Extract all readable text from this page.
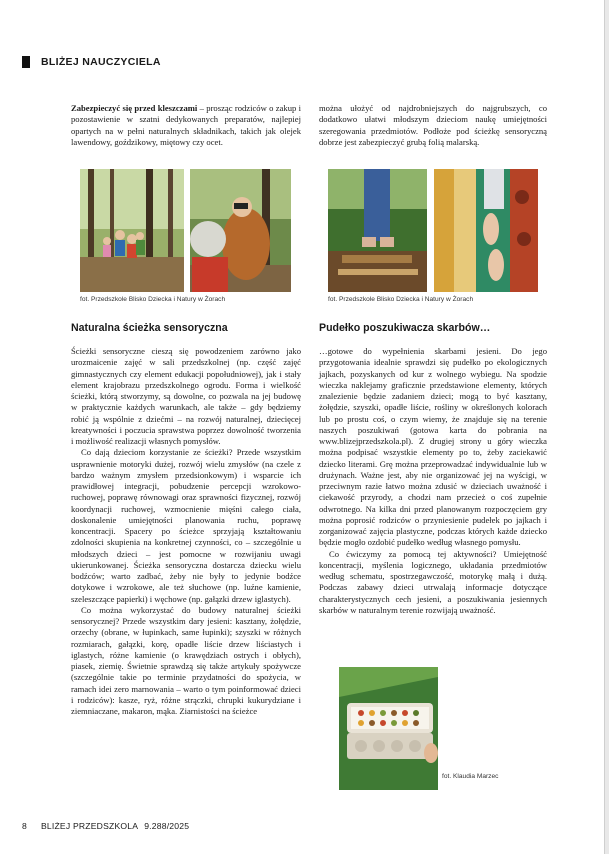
BLIŻEJ NAUCZYCIELA

Zabezpieczyć się przed kleszczami – prosząc rodziców o zakup i pozostawienie w szatni dedykowanych preparatów, najlepiej opartych na w pełni naturalnych składnikach, takich jak olejek lawendowy, goździkowy, miętowy czy ocet.

można ułożyć od najdrobniejszych do najgrubszych, co dodatkowo ułatwi młodszym dzieciom naukę umiejętności szeregowania przedmiotów. Podłoże pod ścieżkę sensoryczną dobrze jest zabezpieczyć grubą folią malarską.

fot. Przedszkole Blisko Dziecka i Natury w Żorach	fot. Przedszkole Blisko Dziecka i Natury w Żorach
Naturalna ścieżka sensoryczna	Pudełko poszukiwacza skarbów…

Ścieżki sensoryczne cieszą się powodzeniem zarówno jako urozmaicenie zajęć w sali przedszkolnej (np. część zajęć gimnastycznych czy element edukacji popołudniowej), jak i stały element krajobrazu przedszkolnego ogrodu. Forma i wielkość ścieżki, którą stworzymy, są dowolne, co pozwala na jej budowę w praktycznie każdych warunkach, ale także – gdy będziemy robić ją wspólnie z dziećmi – na rozwój naturalnej, dziecięcej kreatywności i poczucia sprawstwa poprzez dowolność tworzenia i możliwość realizacji własnych pomysłów.

Co dają dzieciom korzystanie ze ścieżki? Przede wszystkim usprawnienie motoryki dużej, rozwój wielu zmysłów (na czele z bardzo ważnym zmysłem przedsionkowym) i wsparcie ich prawidłowej integracji, pobudzenie percepcji wzrokowo-ruchowej, poprawę równowagi oraz sprawności fizycznej, rozwój koordynacji ruchowej, wzmocnienie mięśni całego ciała, doskonalenie umiejętności planowania ruchu, poprawę koncentracji. Spacery po ścieżce sprzyjają kształtowaniu zdolności skupienia na konkretnej czynności, co – szczególnie u młodszych dzieci – jest pomocne w rozwijaniu uwagi ukierunkowanej. Ścieżka sensoryczna dostarcza dziecku wielu bodźców; warto zadbać, żeby nie były to jedynie bodźce dotykowe i wzrokowe, ale też słuchowe (np. luźne kamienie, szeleszczące papierki) i węchowe (np. gałązki drzew iglastych).

Co można wykorzystać do budowy naturalnej ścieżki sensorycznej? Przede wszystkim dary jesieni: kasztany, żołędzie, orzechy (obrane, w łupinkach, same łupinki); szyszki w różnych rozmiarach, gałązki, korę, opadłe liście drzew liściastych i iglastych, różne kamienie (o krawędziach ostrych i obłych), piasek, ziemię. Świetnie sprawdzą się także artykuły spożywcze (szczególnie takie po terminie przydatności do spożycia, w ramach idei zero marnowania – warto o tym poinformować dzieci i rodziców): kasze, ryż, różne strączki, chrupki kukurydziane i ziemniaczane, makaron, mąka. Ziarnistości na ścieżce

…gotowe do wypełnienia skarbami jesieni. Do jego przygotowania idealnie sprawdzi się pudełko po ekologicznych jajkach, pozyskanych od kur z wolnego wybiegu. Na spodzie wieczka naklejamy graficznie przedstawione elementy, których znalezienie będzie zadaniem dzieci; mogą to być kasztany, żołędzie, szyszki, opadłe liście, rośliny w określonych kolorach lub po prostu coś, o czym wiemy, że znajduje się na terenie naszych poszukiwań (gotowa karta do pobrania na www.blizejprzedszkola.pl). Z drugiej strony u góry wieczka można podpisać wszystkie elementy po to, żeby zaciekawić dziecko literami. Grę można przeprowadzać indywidualnie lub w drużynach. Ważne jest, aby nie organizować jej na wyścigi, w przeciwnym razie łatwo można zdusić w dzieciach uważność i ciekawość przyrody, a chodzi nam przecież o coś zupełnie odwrotnego. Na kilka dni przed planowanym rozpoczęciem gry można poprosić rodziców o przyniesienie pudełek po jajkach i zorganizować zajęcia plastyczne, podczas których każde dziecko będzie mogło ozdobić pudełko według własnego pomysłu.

Co ćwiczymy za pomocą tej aktywności? Umiejętność koncentracji, myślenia logicznego, układania przedmiotów według schematu, spostrzegawczość, motorykę małą i dużą. Podczas zabawy dzieci utrwalają informacje dotyczące charakterystycznych cech jesieni, a poszukiwania jesiennych skarbów w naturalnym terenie rozwijają uważność.

fot. Klaudia Marzec
8 BLIŻEJ PRZEDSZKOLA 9.288/2025
